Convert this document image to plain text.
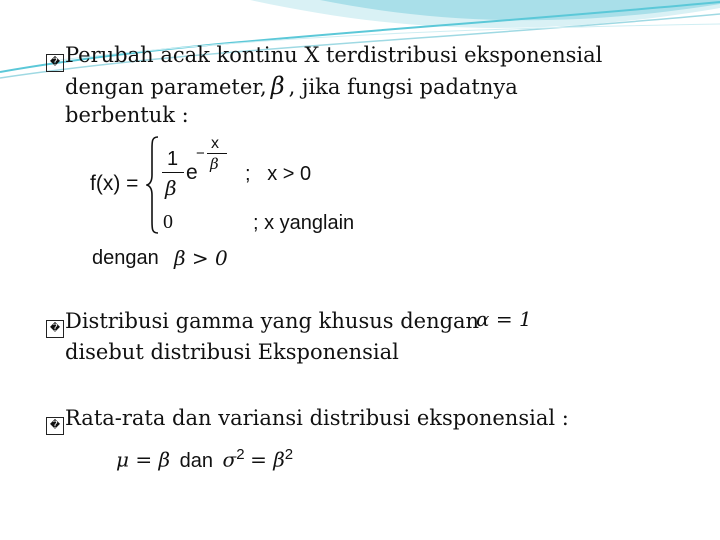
� Perubah acak kontinu X terdistribusi eksponensial
dengan parameter, β , jika fungsi padatnya
berbentuk :
f(x) =
1
β
e
−
x
β ;   x > 0
0	; x yanglain
dengan β > 0
� Distribusi gamma yang khusus dengan
disebut distribusi Eksponensial
α = 1
� Rata-rata dan variansi distribusi eksponensial :
μ = β dan $\sigma^2 = \beta^2$
